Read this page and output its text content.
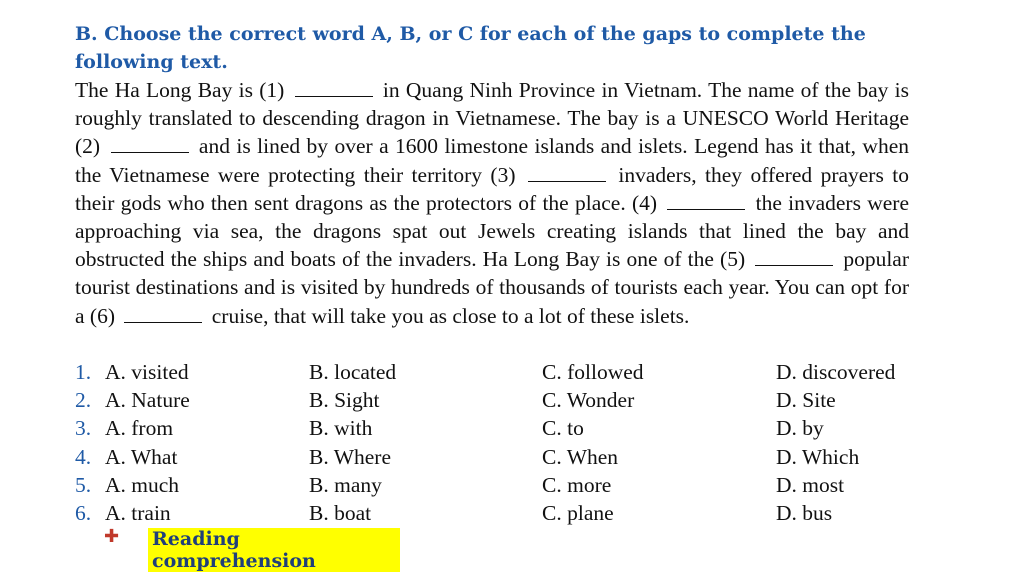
B. Choose the correct word A, B, or C for each of the gaps to complete the following text.

The Ha Long Bay is (1)	in Quang Ninh Province in Vietnam. The name of the bay is roughly translated to descending dragon in Vietnamese. The bay is a UNESCO World Heritage (2)	and is lined by over a 1600 limestone islands and islets. Legend has it that, when the Vietnamese were protecting their territory (3)	invaders, they offered prayers to their gods who then sent dragons as the protectors of the place. (4)	the invaders were approaching via sea, the dragons spat out Jewels creating islands that lined the bay and obstructed the ships and boats of the invaders. Ha Long Bay is one of the (5)	popular tourist destinations and is visited by hundreds of thousands of tourists each year. You can opt for a (6)	cruise, that will take you as close to a lot of these islets.

1. A. visited	B. located	C. followed	D. discovered
2. A. Nature	B. Sight	C. Wonder	D. Site
3. A. from	B. with	C. to	D. by
4. A. What	B. Where	C. When	D. Which
5. A. much	B. many	C. more	D. most
6. A. train	B. boat	C. plane	D. bus
✚ Reading comprehension
